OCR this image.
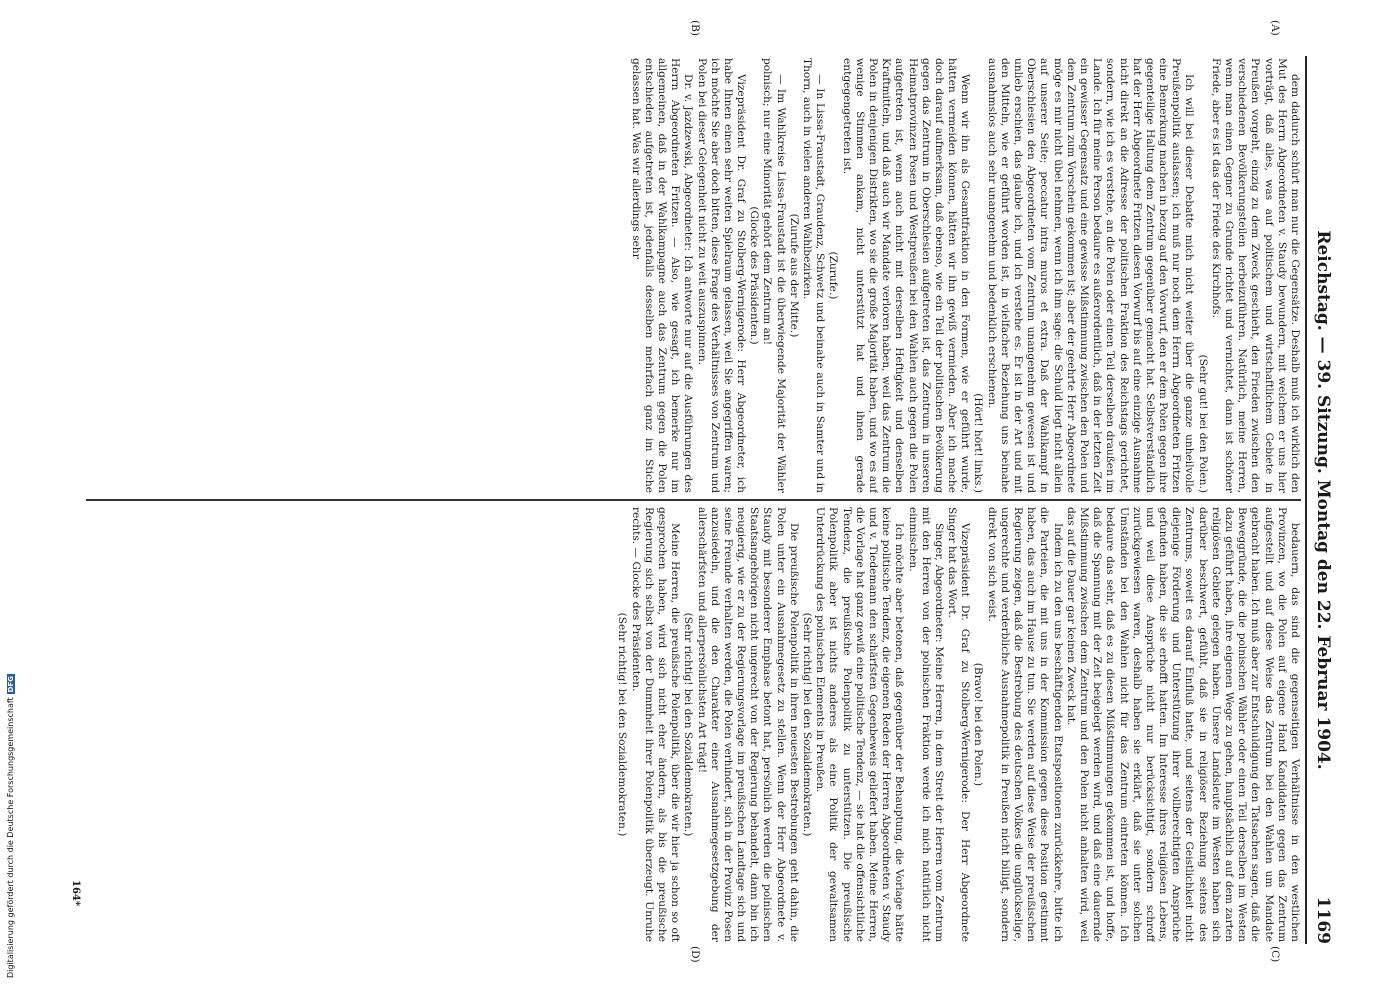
Reichstag. — 39. Sitzung. Montag den 22. Februar 1904.
1169
(A)
(B)
(C)
(D)

dem dadurch schürt man nur die Gegensätze. Deshalb muß ich wirklich den Mut des Herrn Abgeordneten v. Staudy bewundern, mit welchem er uns hier vorträgt, daß alles, was auf politischem und wirtschaftlichem Gebiete in Preußen vorgeht, einzig zu dem Zweck geschieht, den Frieden zwischen den verschiedenen Bevölkerungsteilen herbeizuführen. Natürlich, meine Herren, wenn man einen Gegner zu Grunde richtet und vernichtet, dann ist schöner Friede, aber es ist das der Friede des Kirchhofs.

(Sehr gut! bei den Polen.)

Ich will bei dieser Debatte mich nicht weiter über die ganze unheilvolle Preußenpolitik auslassen; ich muß nur noch dem Herrn Abgeordneten Fritzen eine Bemerkung machen in bezug auf den Vorwurf, den er dem Polen gegen ihre gegenteilige Haltung dem Zentrum gegenüber gemacht hat. Selbstverständlich hat der Herr Abgeordnete Fritzen diesen Vorwurf bis auf eine einzige Ausnahme nicht direkt an die Adresse der politischen Fraktion des Reichstags gerichtet, sondern, wie ich es verstehe, an die Polen oder einen Teil derselben draußen im Lande. Ich für meine Person bedaure es außerordentlich, daß in der letzten Zeit ein gewisser Gegensatz und eine gewisse Mißstimmung zwischen den Polen und dem Zentrum zum Vorschein gekommen ist; aber der geehrte Herr Abgeordnete möge es mir nicht übel nehmen, wenn ich ihm sage: die Schuld liegt nicht allein auf unserer Seite; peccatur intra muros et extra. Daß der Wahlkampf in Oberschlesien den Abgeordneten vom Zentrum unangenehm gewesen ist und unlieb erschien, das glaube ich, und ich verstehe es. Er ist in der Art und mit den Mitteln, wie er geführt worden ist, in vielfacher Beziehung uns beinahe ausnahmslos auch sehr unangenehm und bedenklich erschienen.

(Hört! hört! links.)

Wenn wir ihn als Gesamtfraktion in den Formen, wie er geführt wurde, hätten vermeiden können, hätten wir ihn gewiß vermieden. Aber ich mache doch darauf aufmerksam, daß ebenso, wie ein Teil der politischen Bevölkerung gegen das Zentrum in Oberschlesien aufgetreten ist, das Zentrum in unseren Heimatprovinzen Posen und Westpreußen bei den Wahlen auch gegen die Polen aufgetreten ist, wenn auch nicht mit derselben Heftigkeit und denselben Kraftmitteln, und daß auch wir Mandate verloren haben, weil das Zentrum die Polen in denjenigen Distrikten, wo sie die große Majorität haben, und wo es auf wenige Stimmen ankam, nicht unterstützt hat und ihnen gerade entgegengetreten ist.

(Zurufe.)

— In Lissa-Fraustadt, Graudenz, Schwetz und beinahe auch in Samter und in Thorn, auch in vielen anderen Wahlbezirken.

(Zurufe aus der Mitte.)

— Im Wahlkreise Lissa-Fraustadt ist die überwiegende Majorität der Wähler polnisch; nur eine Minorität gehört dem Zentrum an!

(Glocke des Präsidenten.)

Vizepräsident Dr. Graf zu Stolberg-Wernigerode: Herr Abgeordneter, ich habe Ihnen einen sehr weiten Spielraum gelassen, weil Sie angegriffen waren; ich möchte Sie aber doch bitten, diese Frage des Verhältnisses von Zentrum und Polen bei dieser Gelegenheit nicht zu weit auszuspinnen.

Dr. v. Jazdzewski, Abgeordneter: Ich antworte nur auf die Ausführungen des Herrn Abgeordneten Fritzen. — Also, wie gesagt, ich bemerke nur im allgemeinen, daß in der Wahlkampagne auch das Zentrum gegen die Polen entschieden aufgetreten ist, jedenfalls desselben mehrfach ganz im Stiche gelassen hat. Was wir allerdings sehr

bedauern, das sind die gegenseitigen Verhältnisse in den westlichen Provinzen, wo die Polen auf eigene Hand Kandidaten gegen das Zentrum aufgestellt und auf diese Weise das Zentrum bei den Wahlen um Mandate gebracht haben. Ich muß aber zur Entschuldigung den Tatsachen sagen, daß die Beweggründe, die die polnischen Wähler oder einen Teil derselben im Westen dazu geführt haben, ihre eigenen Wege zu gehen, hauptsächlich auf dem zarten religiösen Gebiete gelegen haben. Unsere Landsleute im Westen haben sich darüber beschwert, gefühlt, daß sie in religiöser Beziehung seitens des Zentrums, soweit es darauf Einfluß hatte, und seitens der Geistlichkeit nicht diejenige Förderung und Unterstützung ihrer vollberechtigten Ansprüche gefunden haben, die sie erhofft hatten. Im Interesse ihres religiösen Lebens, und weil diese Ansprüche nicht nur berücksichtigt, sondern schroff zurückgewiesen waren, deshalb haben sie erklärt, daß sie unter solchen Umständen bei den Wahlen nicht für das Zentrum eintreten können. Ich bedaure das sehr, daß es zu diesen Mißstimmungen gekommen ist, und hoffe, daß die Spannung mit der Zeit beigelegt werden wird, und daß eine dauernde Mißstimmung zwischen dem Zentrum und den Polen nicht anhalten wird, weil das auf die Dauer gar keinen Zweck hat.

Indem ich zu den uns beschäftigenden Etatspositionen zurückkehre, bitte ich die Parteien, die mit uns in der Kommission gegen diese Position gestimmt haben, das auch im Hause zu tun. Sie werden auf diese Weise der preußischen Regierung zeigen, daß die Bestrebung des deutschen Volkes die unglückselige, ungerechte und verderbliche Ausnahmepolitik in Preußen nicht billigt, sondern direkt von sich weist.

(Bravo! bei den Polen.)

Vizepräsident Dr. Graf zu Stolberg-Wernigerode: Der Herr Abgeordnete Singer hat das Wort.

Singer, Abgeordneter: Meine Herren, in dem Streit der Herren vom Zentrum mit den Herren von der polnischen Fraktion werde ich mich natürlich nicht einmischen.

Ich möchte aber betonen, daß gegenüber der Behauptung, die Vorlage hätte keine politische Tendenz, die eigenen Reden der Herren Abgeordneten v. Staudy und v. Tiedemann den schärfsten Gegenbeweis geliefert haben. Meine Herren, die Vorlage hat ganz gewiß eine politische Tendenz, — sie hat die offensichtliche Tendenz, die preußische Polenpolitik zu unterstützen. Die preußische Polenpolitik aber ist nichts anderes als eine Politik der gewaltsamen Unterdrückung des polnischen Elements in Preußen.

(Sehr richtig! bei den Sozialdemokraten.)

Die preußische Polenpolitik in ihren neuesten Bestrebungen geht dahin, die Polen unter ein Ausnahmegesetz zu stellen. Wenn der Herr Abgeordnete v. Staudy mit besonderer Emphase betont hat, persönlich werden die polnischen Staatsangehörigen nicht ungerecht von der Regierung behandelt, dann bin ich neugierig, wie er zu der Regierungsvorlage im preußischen Landtage sich und seine Freunde verhalten werden, die Polen verhindert, sich in der Provinz Posen anzusiedeln, und die den Charakter einer Ausnahmegesetzgebung der allerschärfsten und allerpersönlichsten Art trägt!

(Sehr richtig! bei den Sozialdemokraten.)

Meine Herren, die preußische Polenpolitik, über die wir hier ja schon so oft gesprochen haben, wird sich nicht eher ändern, als bis die preußische Regierung sich selbst von der Dummheit ihrer Polenpolitik überzeugt. Unruhe rechts. — Glocke des Präsidenten.

(Sehr richtig! bei den Sozialdemokraten.)

164*
Digitalisierung gefördert durch die Deutsche Forschungsgemeinschaft
DFG
